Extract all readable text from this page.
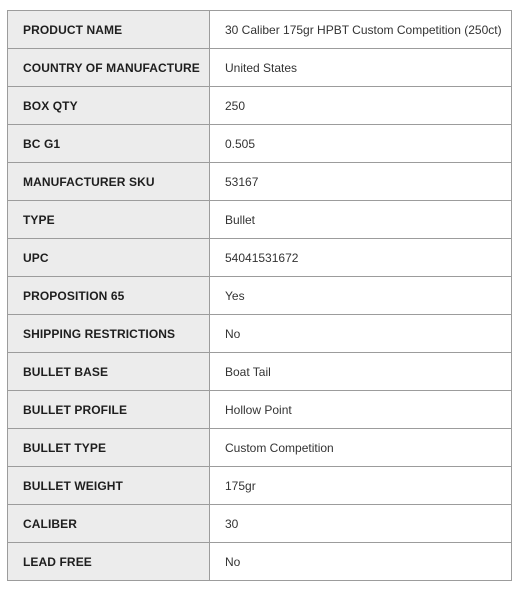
PRODUCT NAME	30 Caliber 175gr HPBT Custom Competition (250ct)
COUNTRY OF MANUFACTURE	United States
BOX QTY	250
BC G1	0.505
MANUFACTURER SKU	53167
TYPE	Bullet
UPC	54041531672
PROPOSITION 65	Yes
SHIPPING RESTRICTIONS	No
BULLET BASE	Boat Tail
BULLET PROFILE	Hollow Point
BULLET TYPE	Custom Competition
BULLET WEIGHT	175gr
CALIBER	30
LEAD FREE	No
